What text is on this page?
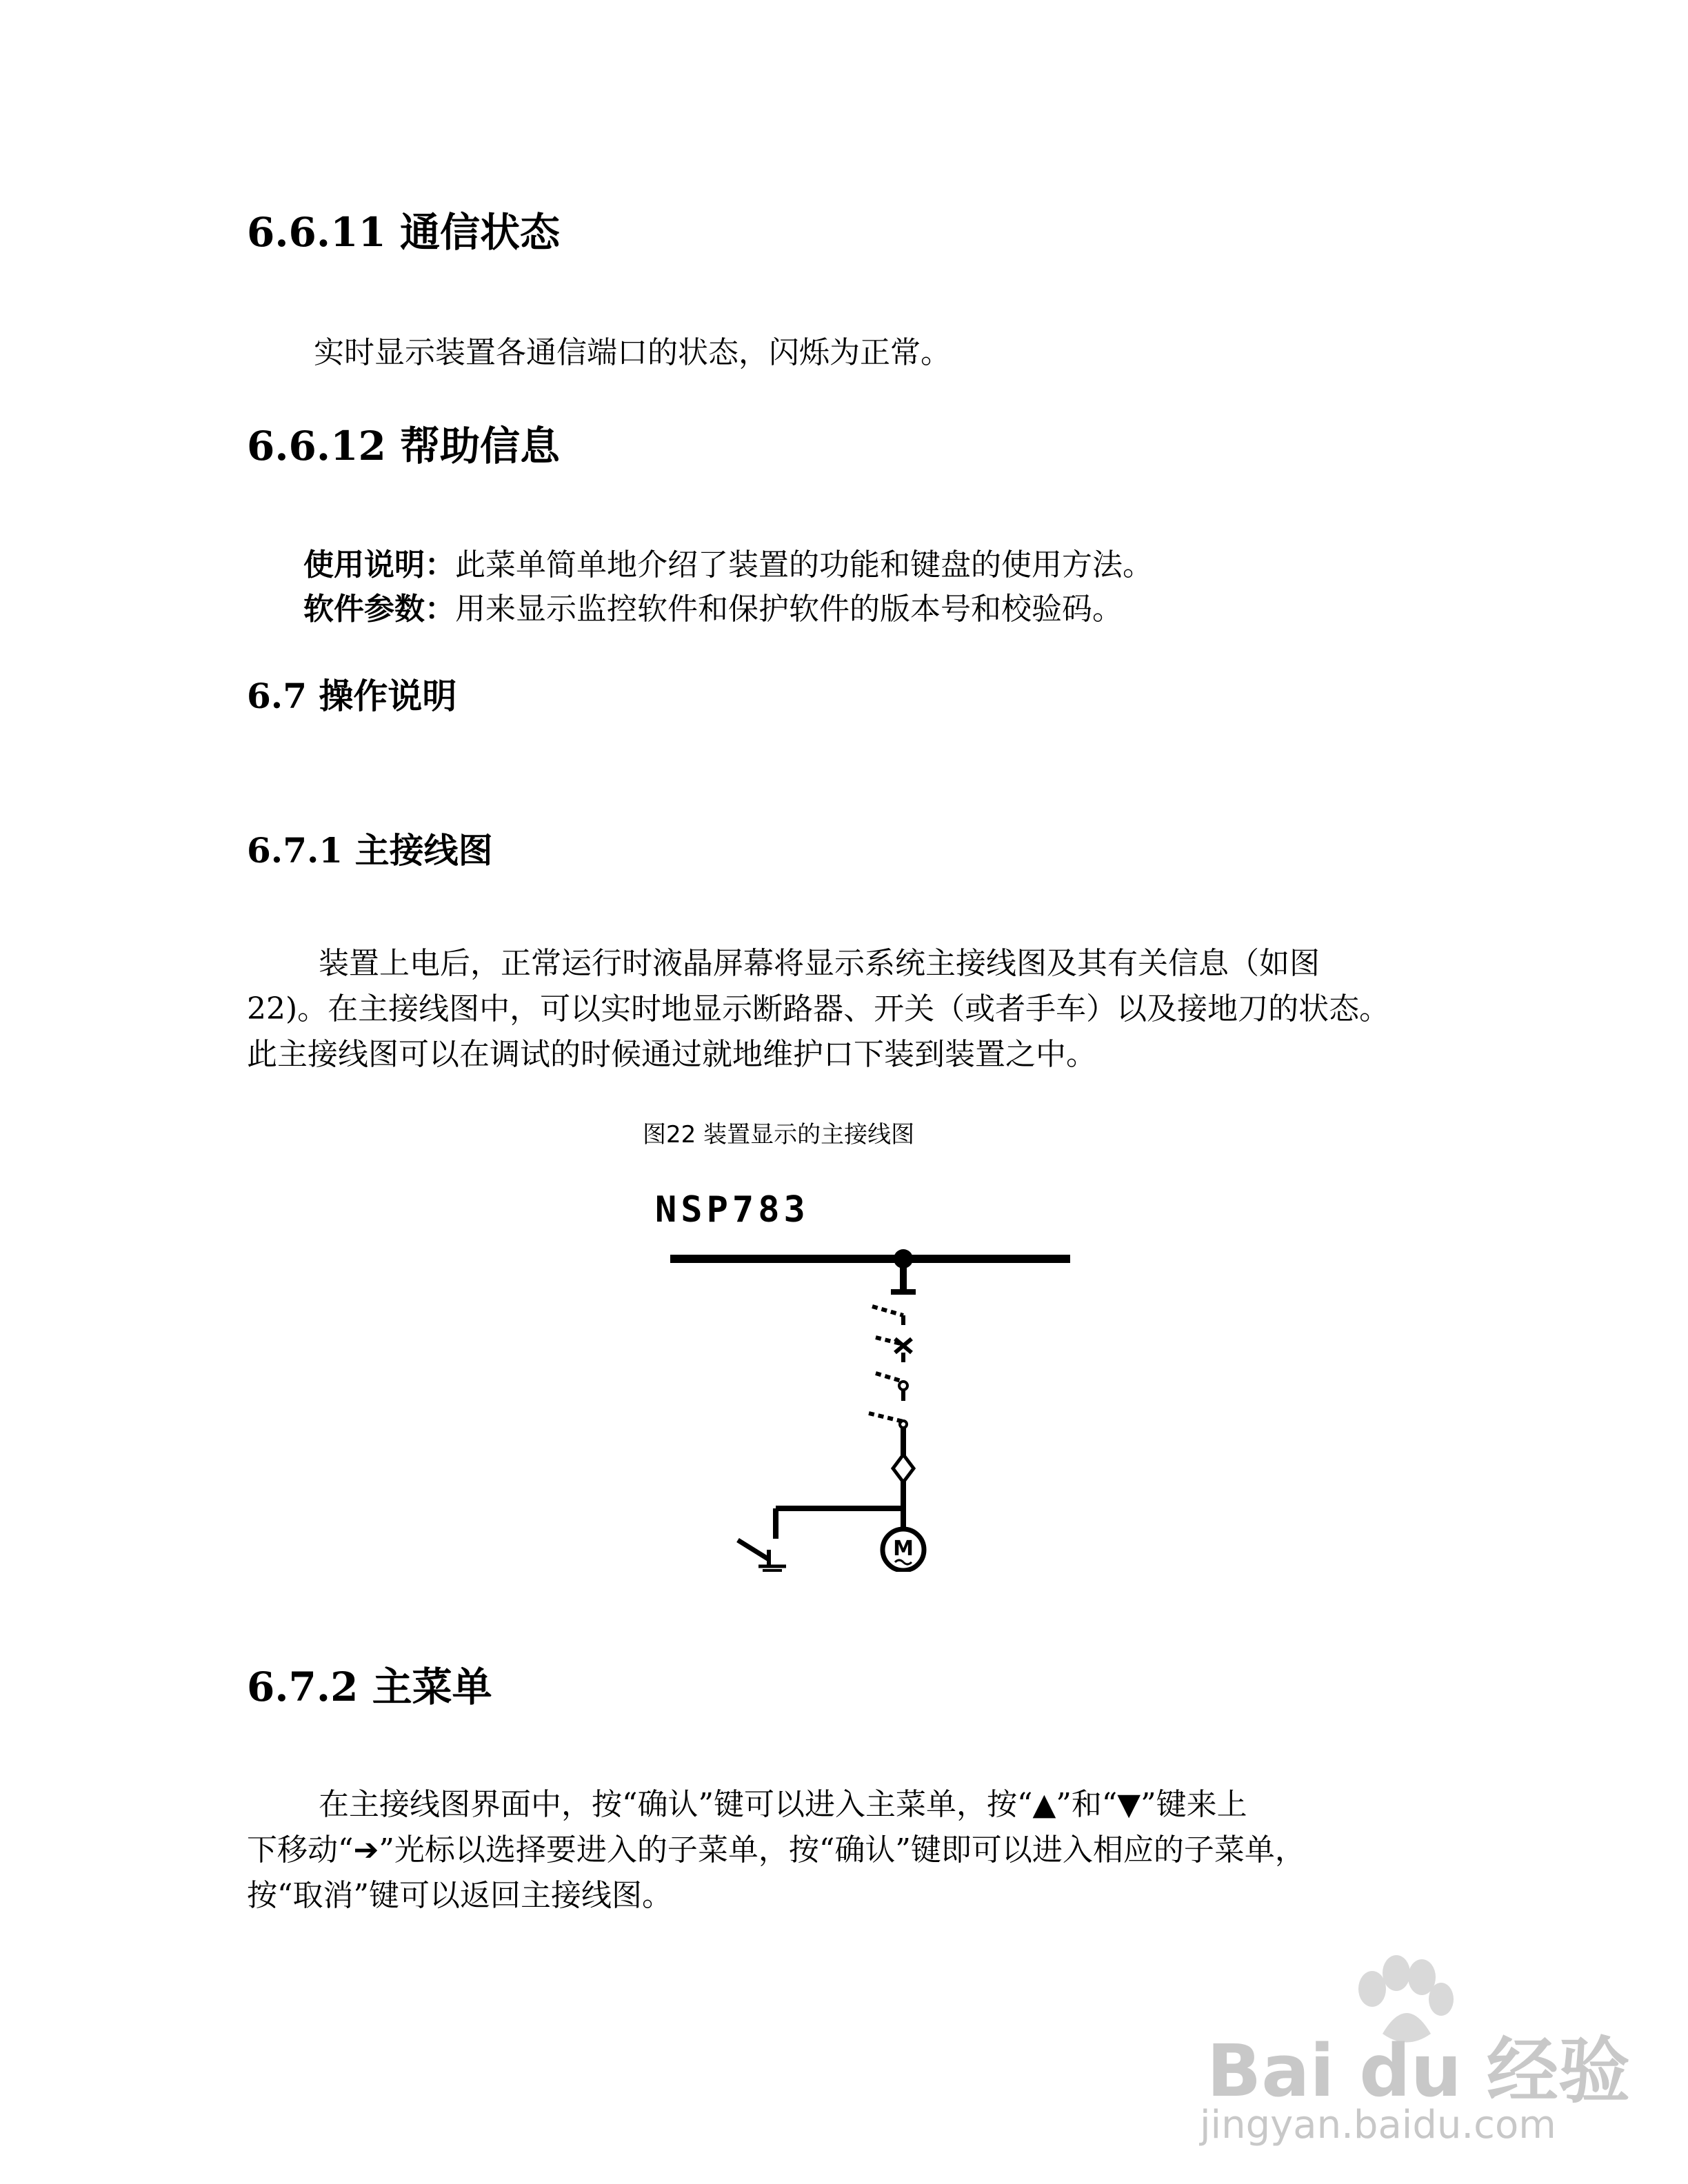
6.6.11 通信状态
实时显示装置各通信端口的状态，闪烁为正常。
6.6.12 帮助信息
使用说明：此菜单简单地介绍了装置的功能和键盘的使用方法。
软件参数：用来显示监控软件和保护软件的版本号和校验码。
6.7 操作说明
6.7.1 主接线图
装置上电后，正常运行时液晶屏幕将显示系统主接线图及其有关信息（如图
22)。在主接线图中，可以实时地显示断路器、开关（或者手车）以及接地刀的状态。
此主接线图可以在调试的时候通过就地维护口下装到装置之中。
图22 装置显示的主接线图
NSP783
M
6.7.2 主菜单
在主接线图界面中，按“确认”键可以进入主菜单，按“▲”和“▼”键来上
下移动“➔”光标以选择要进入的子菜单，按“确认”键即可以进入相应的子菜单，
按“取消”键可以返回主接线图。
Bai du 经验
jingyan.baidu.com
